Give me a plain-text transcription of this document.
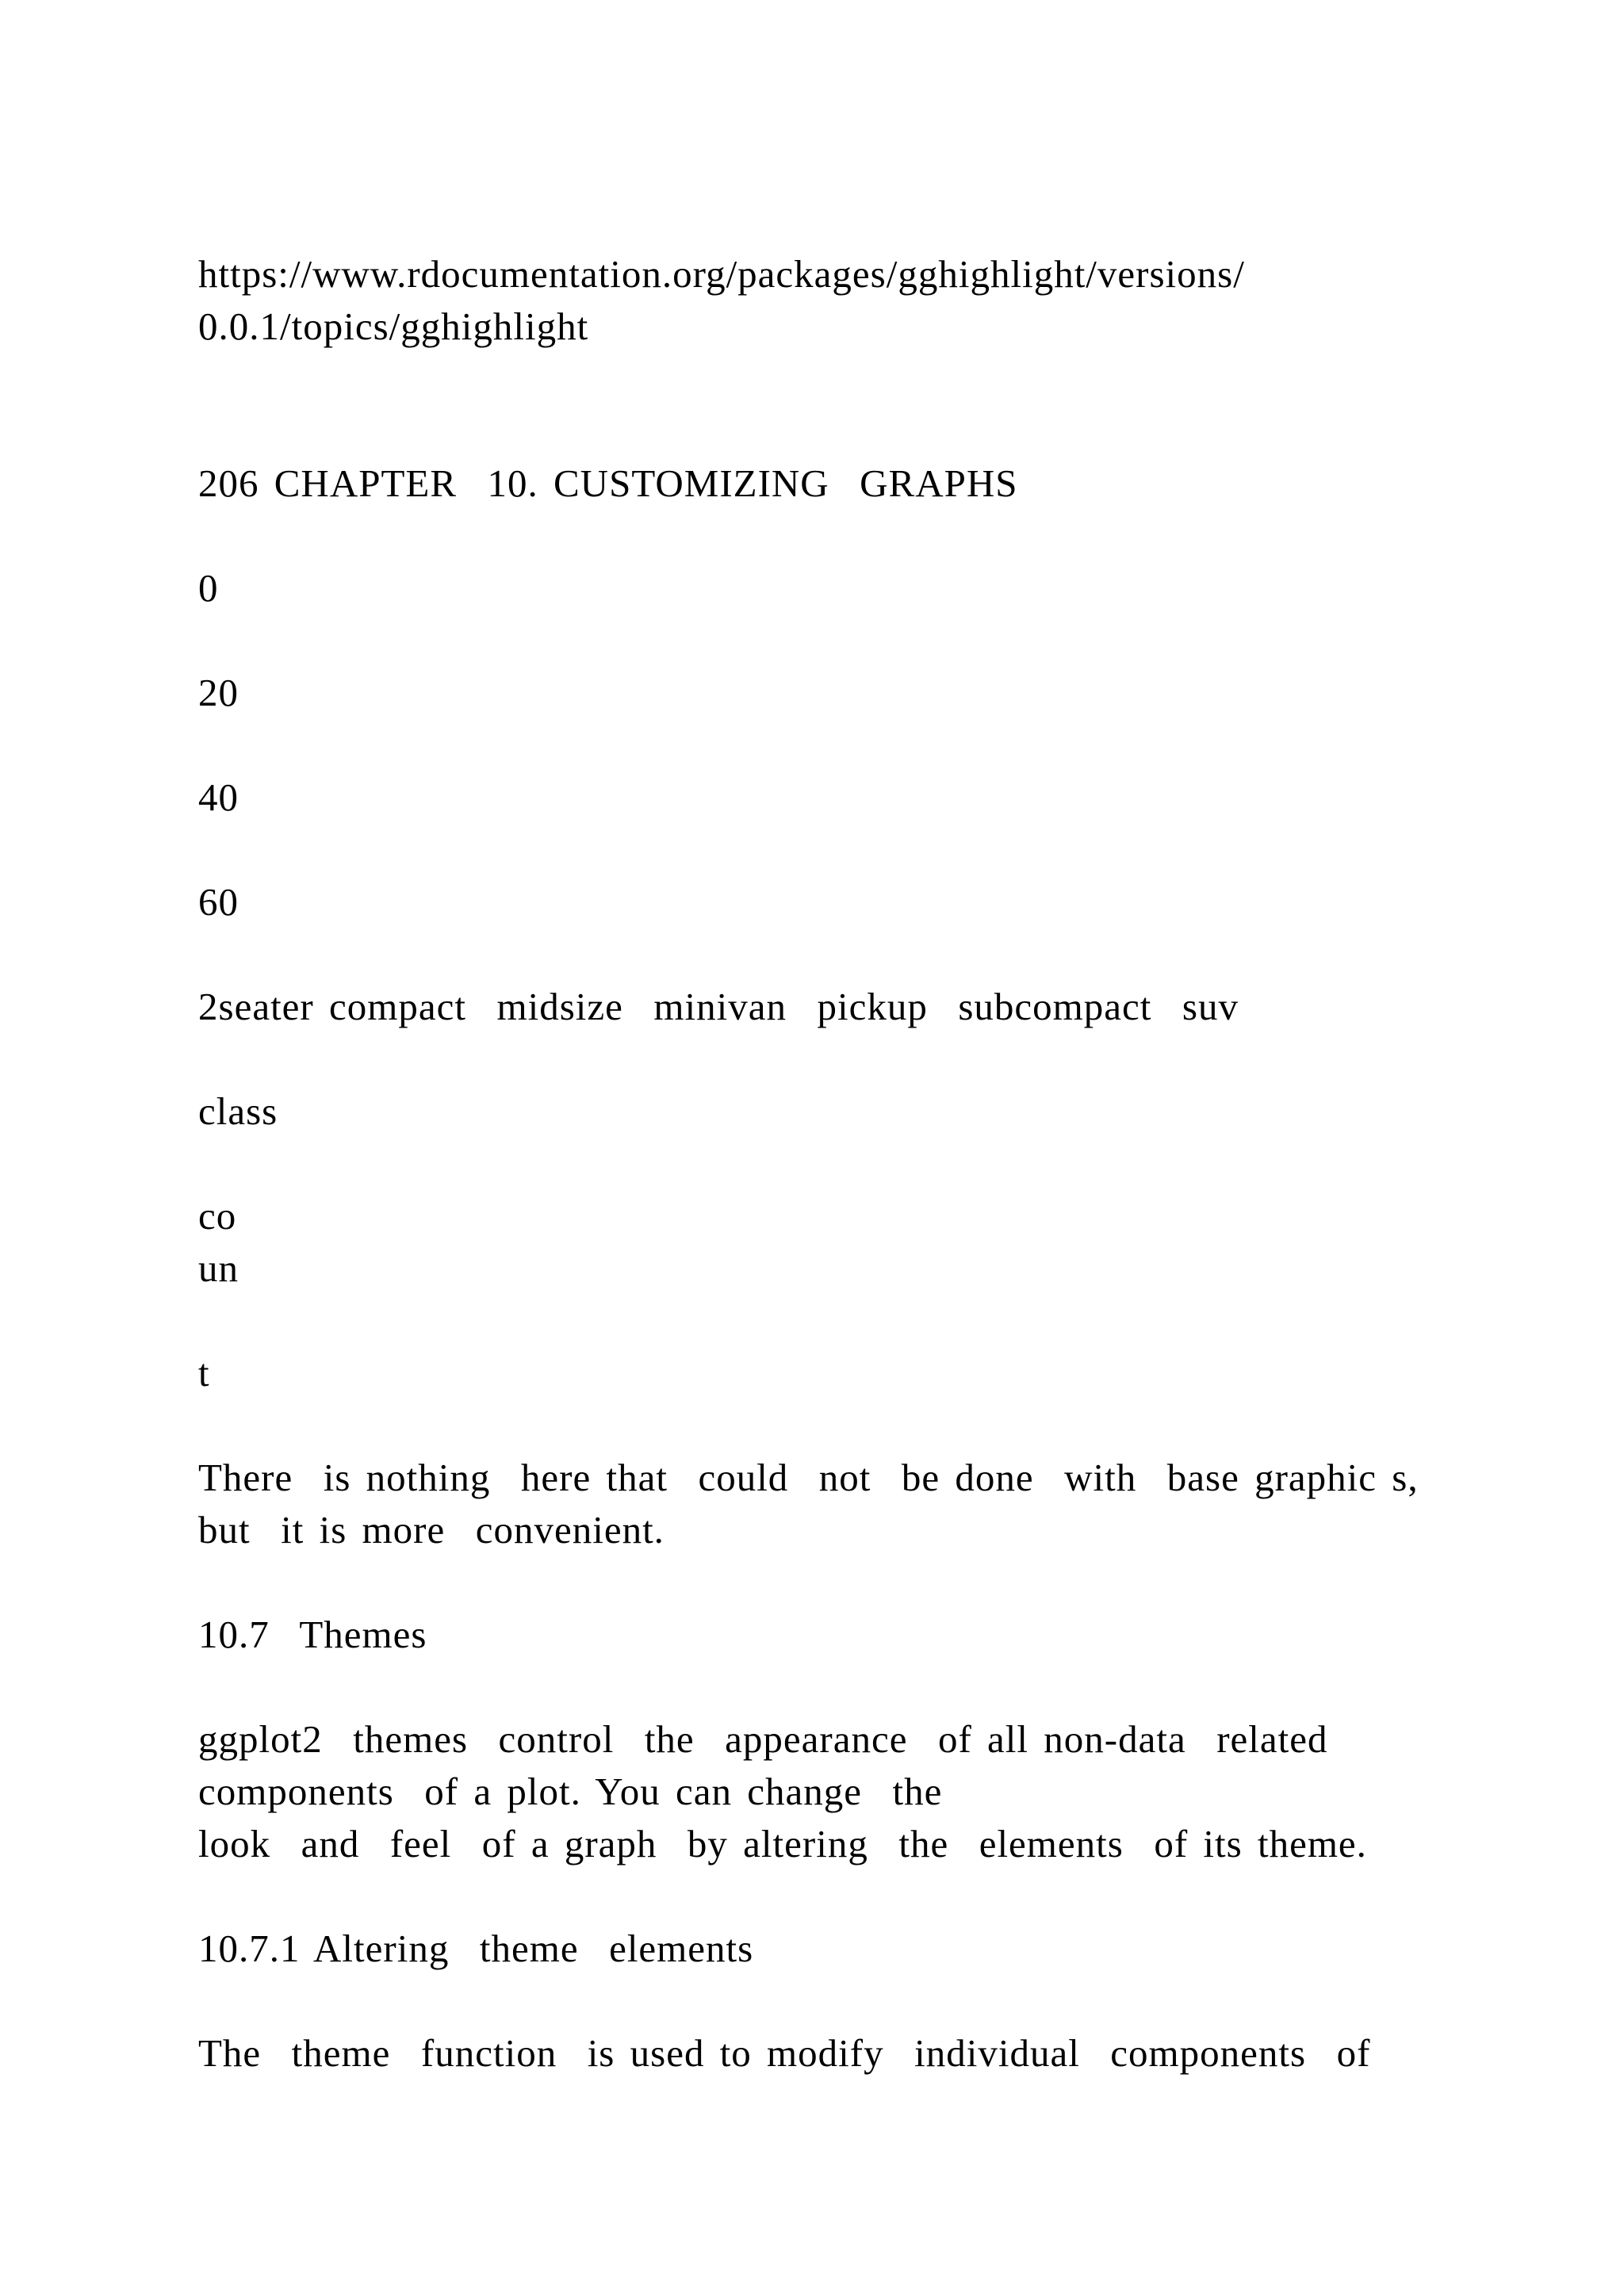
https://www.rdocumentation.org/packages/gghighlight/versions/
0.0.1/topics/gghighlight
206 CHAPTER  10. CUSTOMIZING  GRAPHS
0
20
40
60
2seater compact  midsize  minivan  pickup  subcompact  suv
class
co
un
t
There  is nothing  here that  could  not  be done  with  base graphic s,
but  it is more  convenient.
10.7  Themes
ggplot2  themes  control  the  appearance  of all non-data  related
components  of a plot. You can change  the
look  and  feel  of a graph  by altering  the  elements  of its theme.
10.7.1 Altering  theme  elements
The  theme  function  is used to modify  individual  components  of
